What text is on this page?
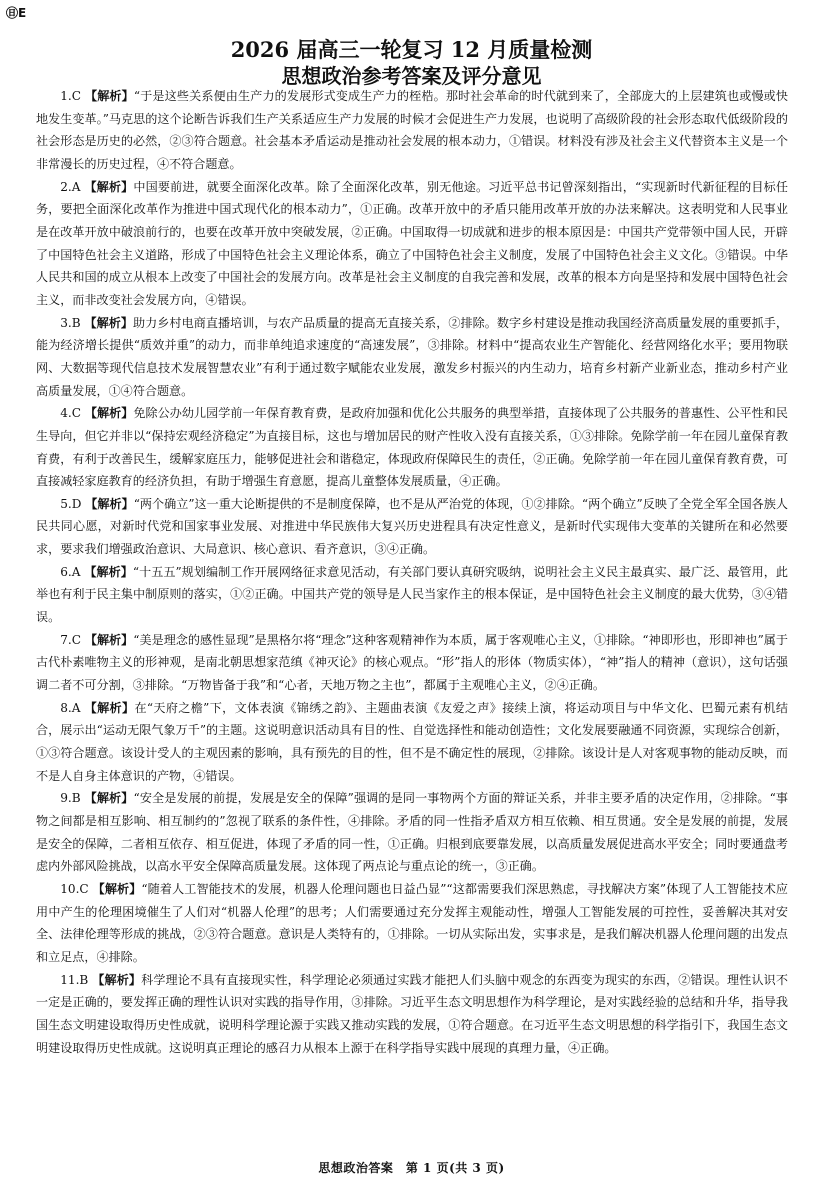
㊐E
2026 届高三一轮复习 12 月质量检测
思想政治参考答案及评分意见

1.C 【解析】“于是这些关系便由生产力的发展形式变成生产力的桎梏。那时社会革命的时代就到来了，全部庞大的上层建筑也或慢或快地发生变革。”马克思的这个论断告诉我们生产关系适应生产力发展的时候才会促进生产力发展，也说明了高级阶段的社会形态取代低级阶段的社会形态是历史的必然，②③符合题意。社会基本矛盾运动是推动社会发展的根本动力，①错误。材料没有涉及社会主义代替资本主义是一个非常漫长的历史过程，④不符合题意。

2.A 【解析】中国要前进，就要全面深化改革。除了全面深化改革，别无他途。习近平总书记曾深刻指出，“实现新时代新征程的目标任务，要把全面深化改革作为推进中国式现代化的根本动力”，①正确。改革开放中的矛盾只能用改革开放的办法来解决。这表明党和人民事业是在改革开放中破浪前行的，也要在改革开放中突破发展，②正确。中国取得一切成就和进步的根本原因是：中国共产党带领中国人民，开辟了中国特色社会主义道路，形成了中国特色社会主义理论体系，确立了中国特色社会主义制度，发展了中国特色社会主义文化。③错误。中华人民共和国的成立从根本上改变了中国社会的发展方向。改革是社会主义制度的自我完善和发展，改革的根本方向是坚持和发展中国特色社会主义，而非改变社会发展方向，④错误。

3.B 【解析】助力乡村电商直播培训，与农产品质量的提高无直接关系，②排除。数字乡村建设是推动我国经济高质量发展的重要抓手，能为经济增长提供“质效并重”的动力，而非单纯追求速度的“高速发展”，③排除。材料中“提高农业生产智能化、经营网络化水平；要用物联网、大数据等现代信息技术发展智慧农业”有利于通过数字赋能农业发展，激发乡村振兴的内生动力，培育乡村新产业新业态，推动乡村产业高质量发展，①④符合题意。

4.C 【解析】免除公办幼儿园学前一年保育教育费，是政府加强和优化公共服务的典型举措，直接体现了公共服务的普惠性、公平性和民生导向，但它并非以“保持宏观经济稳定”为直接目标，这也与增加居民的财产性收入没有直接关系，①③排除。免除学前一年在园儿童保育教育费，有利于改善民生，缓解家庭压力，能够促进社会和谐稳定，体现政府保障民生的责任，②正确。免除学前一年在园儿童保育教育费，可直接减轻家庭教育的经济负担，有助于增强生育意愿，提高儿童整体发展质量，④正确。

5.D 【解析】“两个确立”这一重大论断提供的不是制度保障，也不是从严治党的体现，①②排除。“两个确立”反映了全党全军全国各族人民共同心愿，对新时代党和国家事业发展、对推进中华民族伟大复兴历史进程具有决定性意义，是新时代实现伟大变革的关键所在和必然要求，要求我们增强政治意识、大局意识、核心意识、看齐意识，③④正确。

6.A 【解析】“十五五”规划编制工作开展网络征求意见活动，有关部门要认真研究吸纳，说明社会主义民主最真实、最广泛、最管用，此举也有利于民主集中制原则的落实，①②正确。中国共产党的领导是人民当家作主的根本保证，是中国特色社会主义制度的最大优势，③④错误。

7.C 【解析】“美是理念的感性显现”是黑格尔将“理念”这种客观精神作为本质，属于客观唯心主义，①排除。“神即形也，形即神也”属于古代朴素唯物主义的形神观，是南北朝思想家范缜《神灭论》的核心观点。“形”指人的形体（物质实体），“神”指人的精神（意识），这句话强调二者不可分割，③排除。“万物皆备于我”和“心者，天地万物之主也”，都属于主观唯心主义，②④正确。

8.A 【解析】在“天府之檐”下，文体表演《锦绣之韵》、主题曲表演《友爱之声》接续上演，将运动项目与中华文化、巴蜀元素有机结合，展示出“运动无限气象万千”的主题。这说明意识活动具有目的性、自觉选择性和能动创造性；文化发展要融通不同资源，实现综合创新，①③符合题意。该设计受人的主观因素的影响，具有预先的目的性，但不是不确定性的展现，②排除。该设计是人对客观事物的能动反映，而不是人自身主体意识的产物，④错误。

9.B 【解析】“安全是发展的前提，发展是安全的保障”强调的是同一事物两个方面的辩证关系，并非主要矛盾的决定作用，②排除。“事物之间都是相互影响、相互制约的”忽视了联系的条件性，④排除。矛盾的同一性指矛盾双方相互依赖、相互贯通。安全是发展的前提，发展是安全的保障，二者相互依存、相互促进，体现了矛盾的同一性，①正确。归根到底要靠发展，以高质量发展促进高水平安全；同时要通盘考虑内外部风险挑战，以高水平安全保障高质量发展。这体现了两点论与重点论的统一，③正确。

10.C 【解析】“随着人工智能技术的发展，机器人伦理问题也日益凸显”“这都需要我们深思熟虑，寻找解决方案”体现了人工智能技术应用中产生的伦理困境催生了人们对“机器人伦理”的思考；人们需要通过充分发挥主观能动性，增强人工智能发展的可控性，妥善解决其对安全、法律伦理等形成的挑战，②③符合题意。意识是人类特有的，①排除。一切从实际出发，实事求是，是我们解决机器人伦理问题的出发点和立足点，④排除。

11.B 【解析】科学理论不具有直接现实性，科学理论必须通过实践才能把人们头脑中观念的东西变为现实的东西，②错误。理性认识不一定是正确的，要发挥正确的理性认识对实践的指导作用，③排除。习近平生态文明思想作为科学理论，是对实践经验的总结和升华，指导我国生态文明建设取得历史性成就，说明科学理论源于实践又推动实践的发展，①符合题意。在习近平生态文明思想的科学指引下，我国生态文明建设取得历史性成就。这说明真正理论的感召力从根本上源于在科学指导实践中展现的真理力量，④正确。

思想政治答案　第 1 页(共 3 页)
